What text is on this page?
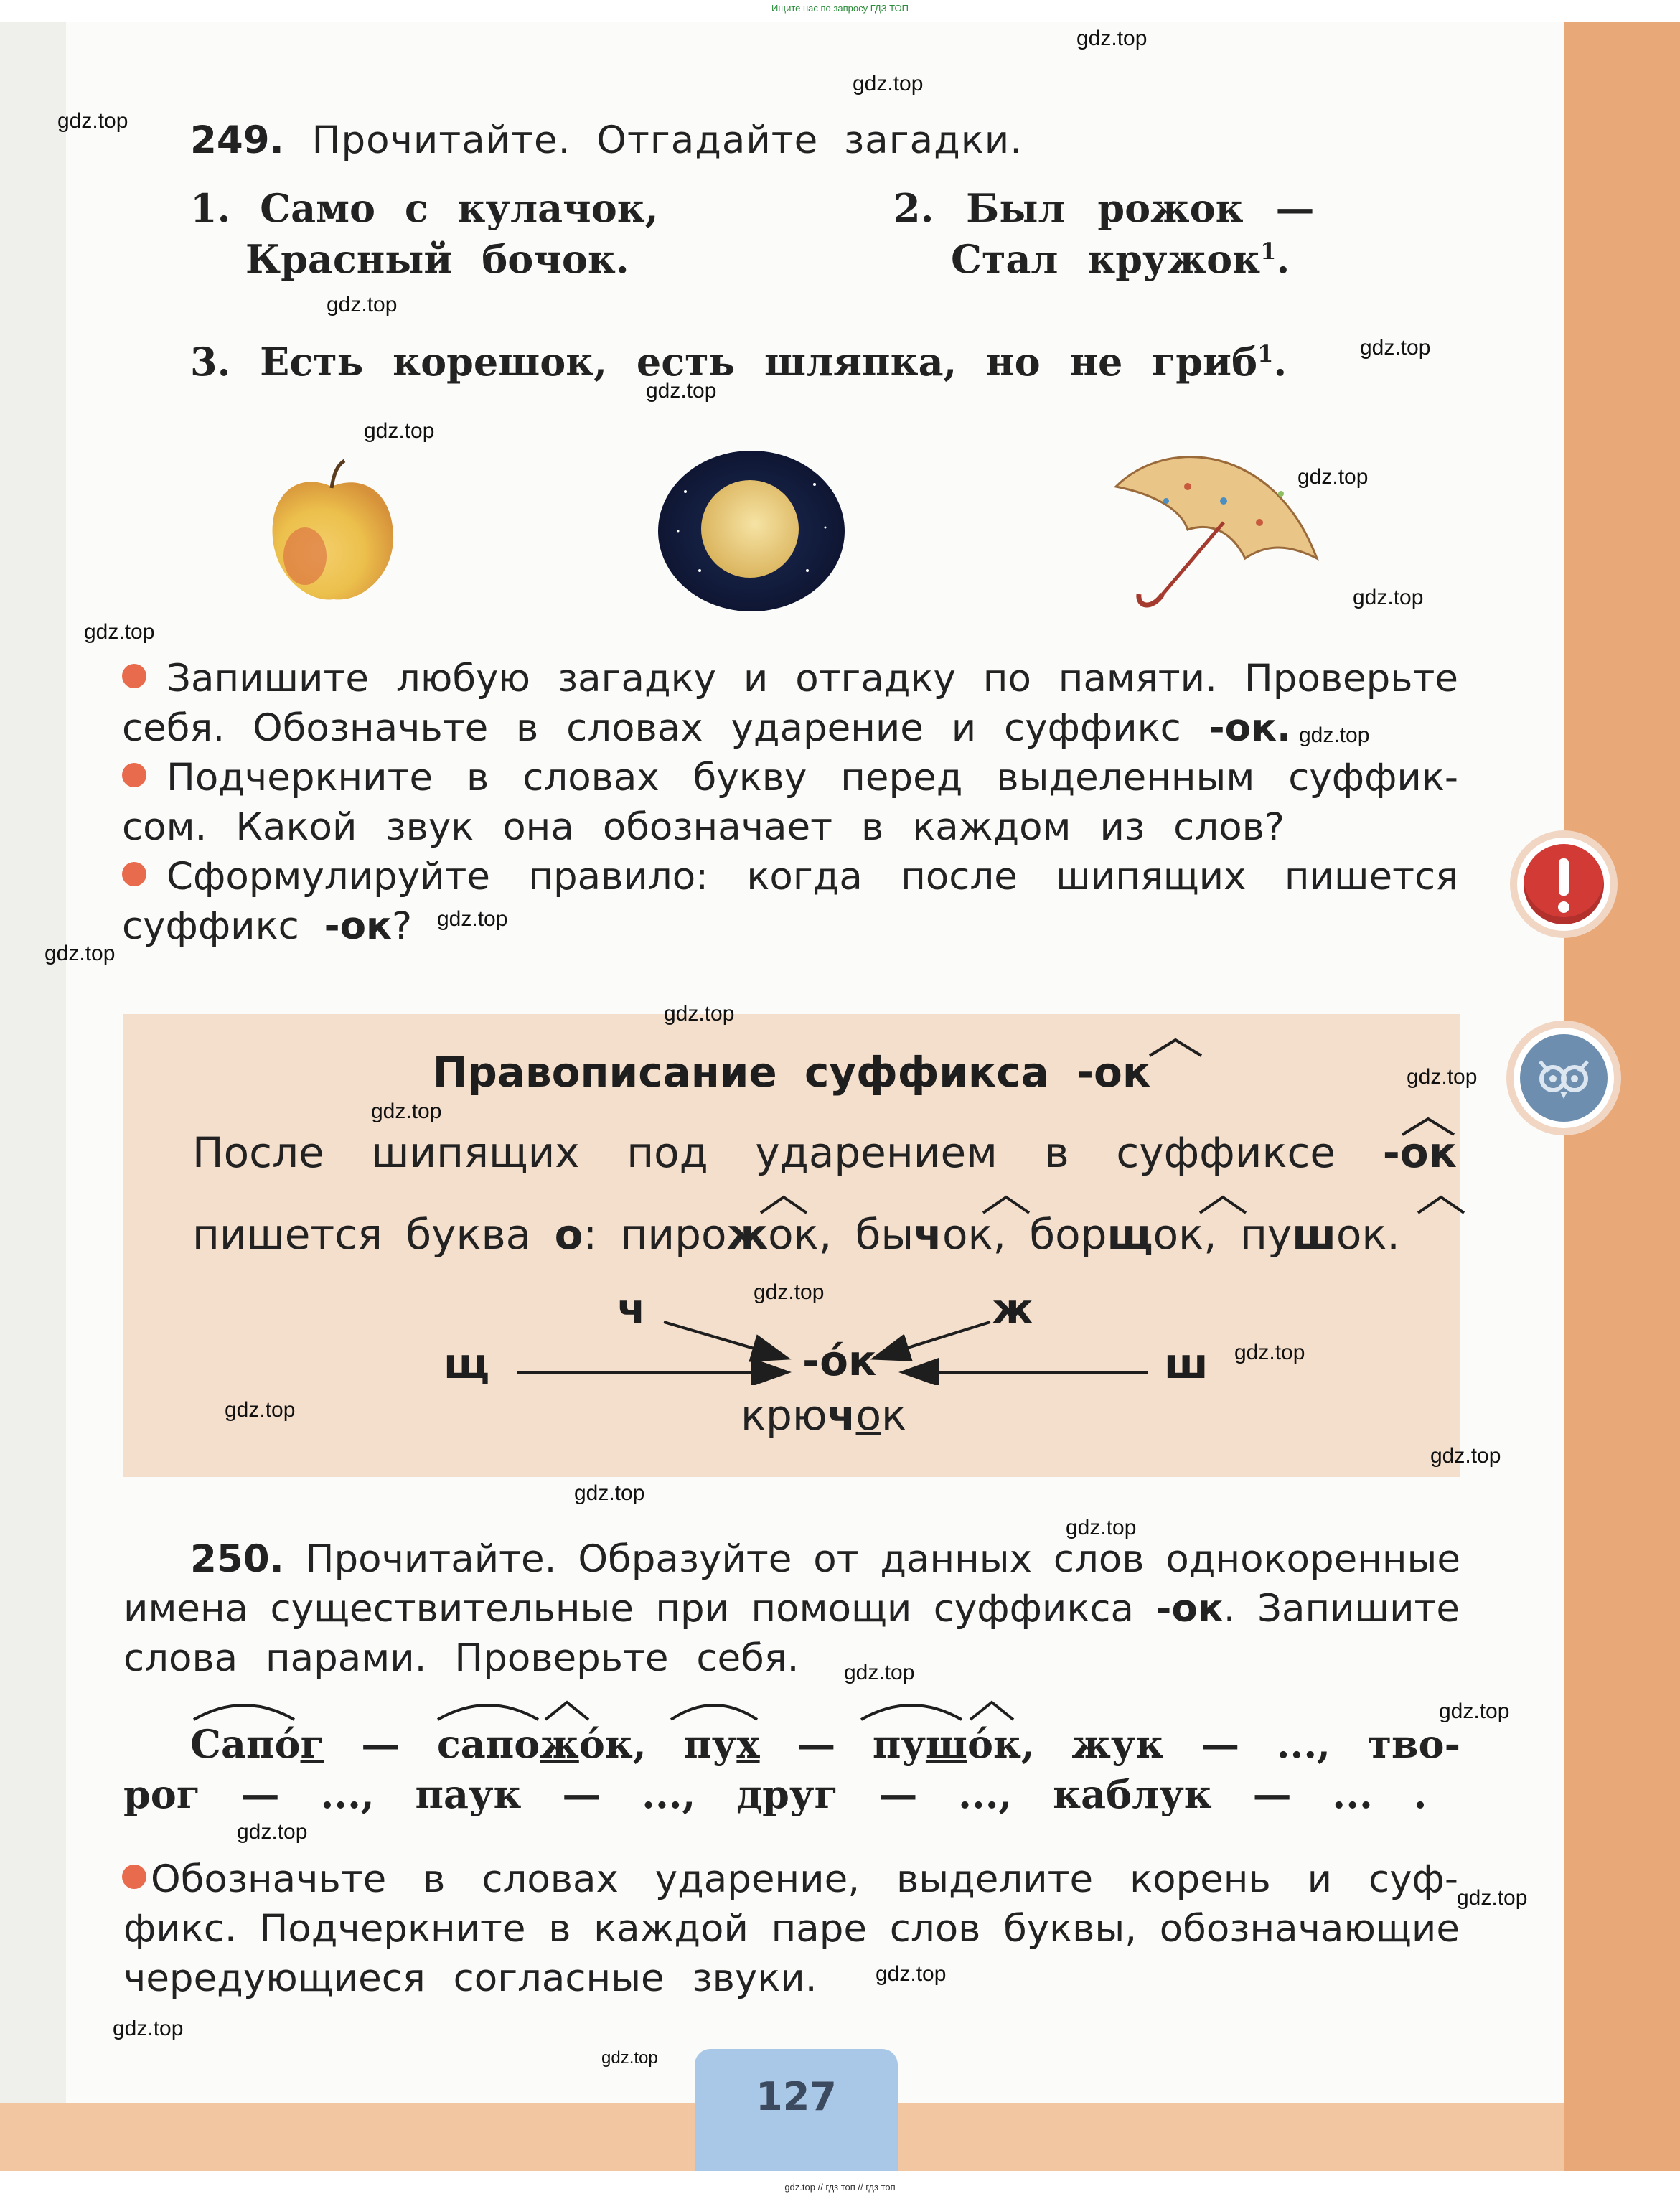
Ищите нас по запросу ГДЗ ТОП
249. Прочитайте. Отгадайте загадки.
1. Само с кулачок,
Красный бочок.
2. Был рожок —
Стал кружок$^1$.
3. Есть корешок, есть шляпка, но не гриб$^1$.
Запишите любую загадку и отгадку по памяти. Проверьте
себя. Обозначьте в словах ударение и суффикс -ок.
Подчеркните в словах букву перед выделенным суффик-
сом. Какой звук она обозначает в каждом из слов?
Сформулируйте правило: когда после шипящих пишется
суффикс -ок?
Правописание суффикса -ок
После шипящих под ударением в суффиксе -ок
пишется буква о: пирожок, бычок, борщок, пушок.
ч	ж
щ	ш
-óк
крючок
250. Прочитайте. Образуйте от данных слов однокоренные
имена существительные при помощи суффикса -ок. Запишите
слова парами. Проверьте себя.
Сапо́г — сапожо́к, пух — пушо́к, жук — ..., тво-
рог — ..., паук — ..., друг — ..., каблук — ... .
Обозначьте в словах ударение, выделите корень и суф-
фикс. Подчеркните в каждой паре слов буквы, обозначающие
чередующиеся согласные звуки.
127
gdz.top // гдз топ // гдз топ
gdz.top
gdz.top
gdz.top
gdz.top
gdz.top
gdz.top
gdz.top
gdz.top
gdz.top
gdz.top
gdz.top
gdz.top
gdz.top
gdz.top
gdz.top
gdz.top
gdz.top
gdz.top
gdz.top
gdz.top
gdz.top
gdz.top
gdz.top
gdz.top
gdz.top
gdz.top
gdz.top
gdz.top
gdz.top
